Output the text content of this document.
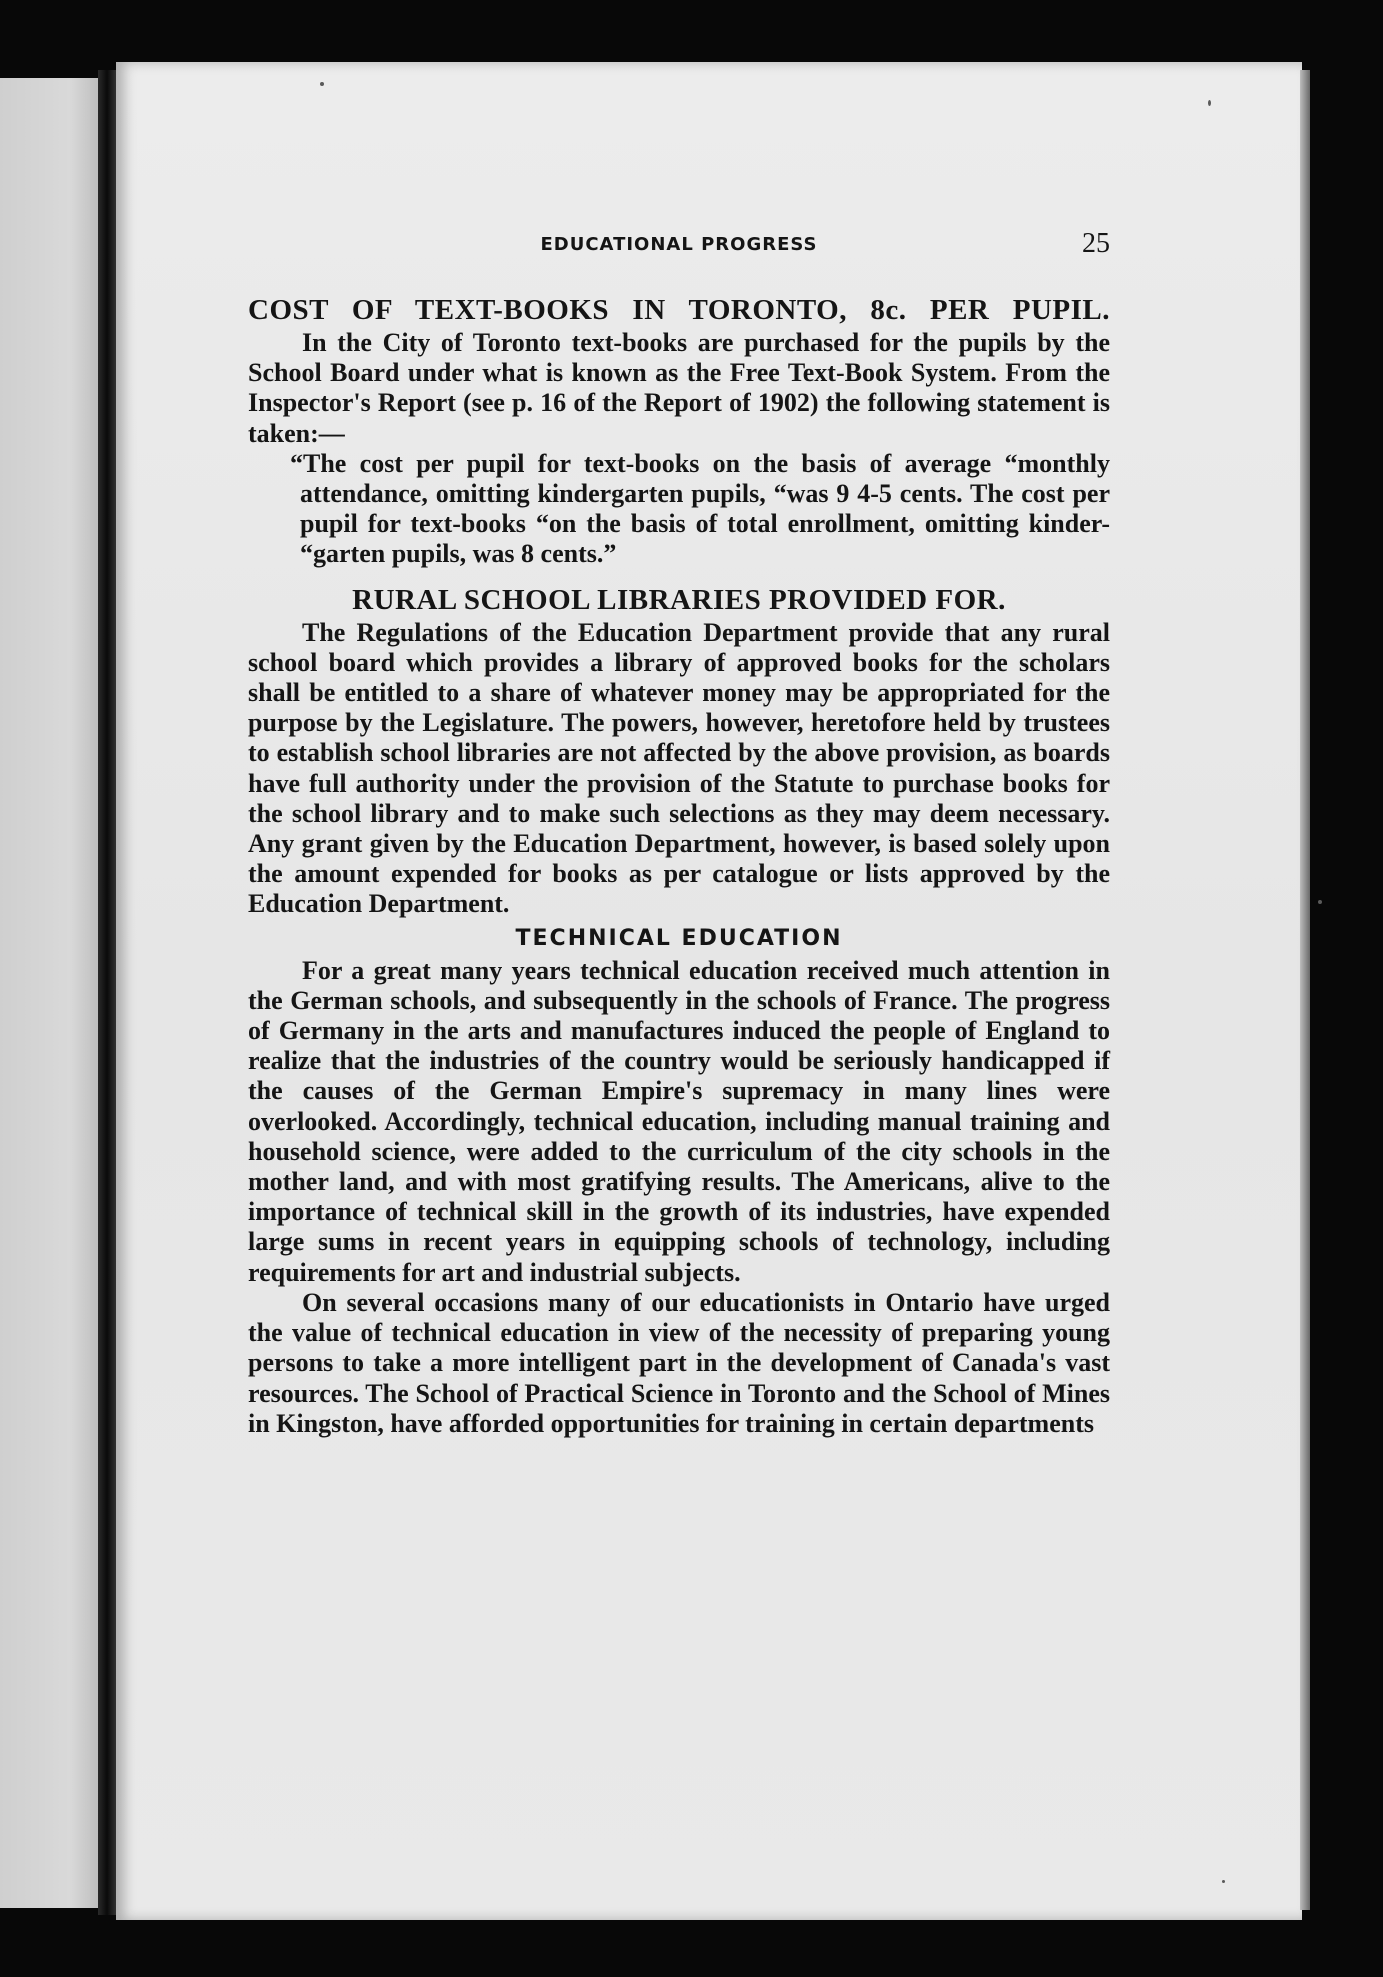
EDUCATIONAL PROGRESS	25
COST OF TEXT-BOOKS IN TORONTO, 8c. PER PUPIL.

In the City of Toronto text-books are purchased for the pupils by the School Board under what is known as the Free Text-Book System. From the Inspector's Report (see p. 16 of the Report of 1902) the following statement is taken:—

“The cost per pupil for text-books on the basis of average “monthly attendance, omitting kindergarten pupils, “was 9 4-5 cents. The cost per pupil for text-books “on the basis of total enrollment, omitting kinder- “garten pupils, was 8 cents.”

RURAL SCHOOL LIBRARIES PROVIDED FOR.

The Regulations of the Education Department provide that any rural school board which provides a library of approved books for the scholars shall be entitled to a share of whatever money may be appropriated for the purpose by the Legislature. The powers, however, heretofore held by trustees to establish school libraries are not affected by the above provision, as boards have full authority under the provision of the Statute to purchase books for the school library and to make such selections as they may deem necessary. Any grant given by the Education Department, however, is based solely upon the amount expended for books as per catalogue or lists approved by the Education Department.

TECHNICAL EDUCATION

For a great many years technical education received much attention in the German schools, and subsequently in the schools of France. The progress of Germany in the arts and manufactures induced the people of England to realize that the industries of the country would be seriously handicapped if the causes of the German Empire's supremacy in many lines were overlooked. Accordingly, technical education, including manual training and household science, were added to the curriculum of the city schools in the mother land, and with most gratifying results. The Americans, alive to the importance of technical skill in the growth of its industries, have expended large sums in recent years in equipping schools of technology, including requirements for art and industrial subjects.

On several occasions many of our educationists in Ontario have urged the value of technical education in view of the necessity of preparing young persons to take a more intelligent part in the development of Canada's vast resources. The School of Practical Science in Toronto and the School of Mines in Kingston, have afforded opportunities for training in certain departments
